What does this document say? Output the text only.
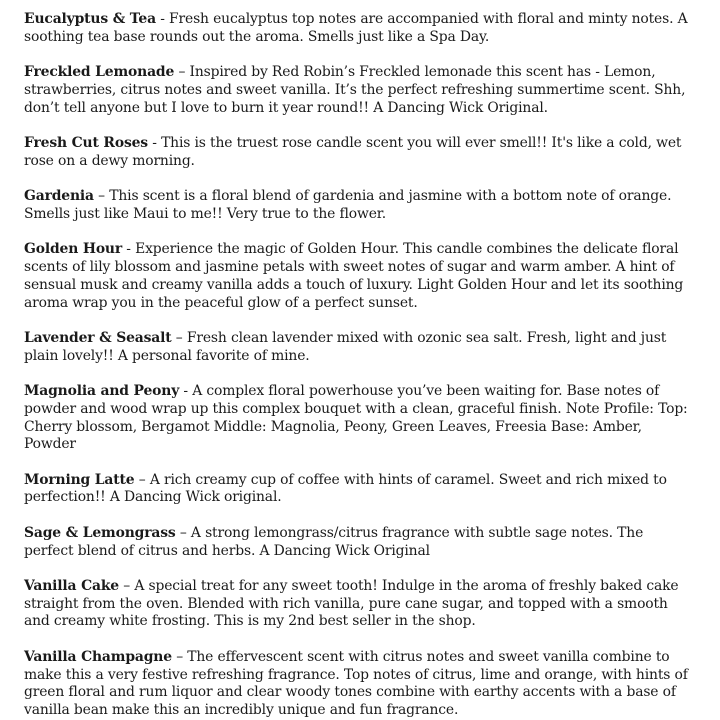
Eucalyptus & Tea - Fresh eucalyptus top notes are accompanied with floral and minty notes. A soothing tea base rounds out the aroma. Smells just like a Spa Day.

Freckled Lemonade – Inspired by Red Robin’s Freckled lemonade this scent has - Lemon, strawberries, citrus notes and sweet vanilla. It’s the perfect refreshing summertime scent. Shh, don’t tell anyone but I love to burn it year round!! A Dancing Wick Original.

Fresh Cut Roses - This is the truest rose candle scent you will ever smell!! It's like a cold, wet rose on a dewy morning.

Gardenia – This scent is a floral blend of gardenia and jasmine with a bottom note of orange. Smells just like Maui to me!! Very true to the flower.

Golden Hour - Experience the magic of Golden Hour. This candle combines the delicate floral scents of lily blossom and jasmine petals with sweet notes of sugar and warm amber. A hint of sensual musk and creamy vanilla adds a touch of luxury. Light Golden Hour and let its soothing aroma wrap you in the peaceful glow of a perfect sunset.

Lavender & Seasalt – Fresh clean lavender mixed with ozonic sea salt. Fresh, light and just plain lovely!! A personal favorite of mine.

Magnolia and Peony - A complex floral powerhouse you’ve been waiting for. Base notes of powder and wood wrap up this complex bouquet with a clean, graceful finish. Note Profile: Top: Cherry blossom, Bergamot Middle: Magnolia, Peony, Green Leaves, Freesia Base: Amber, Powder

Morning Latte – A rich creamy cup of coffee with hints of caramel. Sweet and rich mixed to perfection!! A Dancing Wick original.

Sage & Lemongrass – A strong lemongrass/citrus fragrance with subtle sage notes. The perfect blend of citrus and herbs. A Dancing Wick Original

Vanilla Cake – A special treat for any sweet tooth! Indulge in the aroma of freshly baked cake straight from the oven. Blended with rich vanilla, pure cane sugar, and topped with a smooth and creamy white frosting. This is my 2nd best seller in the shop.

Vanilla Champagne – The effervescent scent with citrus notes and sweet vanilla combine to make this a very festive refreshing fragrance. Top notes of citrus, lime and orange, with hints of green floral and rum liquor and clear woody tones combine with earthy accents with a base of vanilla bean make this an incredibly unique and fun fragrance.
